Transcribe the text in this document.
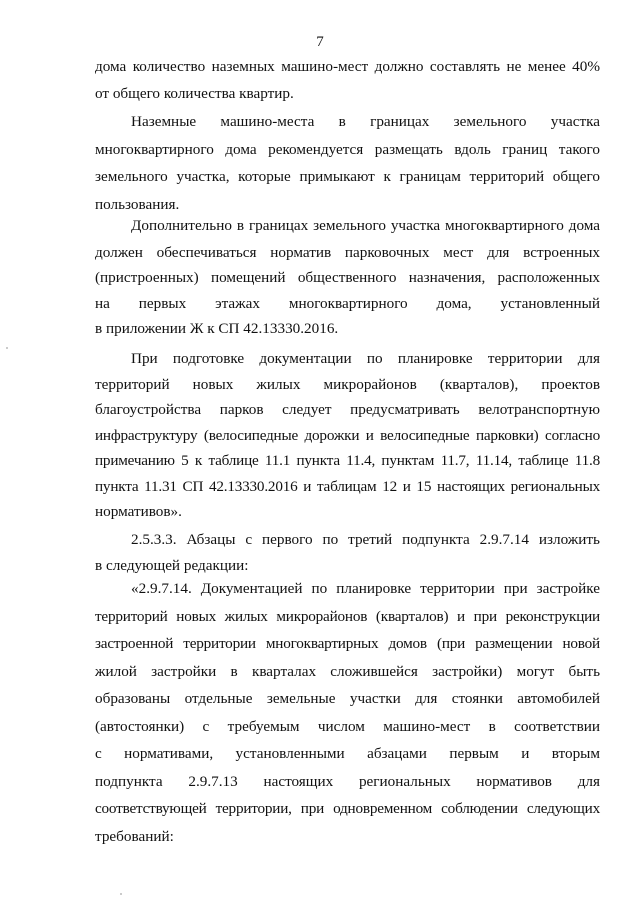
7
дома количество наземных машино-мест должно составлять не менее 40%
от общего количества квартир.
Наземные машино-места в границах земельного участка
многоквартирного дома рекомендуется размещать вдоль границ такого
земельного участка, которые примыкают к границам территорий общего
пользования.
Дополнительно в границах земельного участка многоквартирного дома
должен обеспечиваться норматив парковочных мест для встроенных
(пристроенных) помещений общественного назначения, расположенных
на первых этажах многоквартирного дома, установленный
в приложении Ж к СП 42.13330.2016.
При подготовке документации по планировке территории для
территорий новых жилых микрорайонов (кварталов), проектов
благоустройства парков следует предусматривать велотранспортную
инфраструктуру (велосипедные дорожки и велосипедные парковки) согласно
примечанию 5 к таблице 11.1 пункта 11.4, пунктам 11.7, 11.14, таблице 11.8
пункта 11.31 СП 42.13330.2016 и таблицам 12 и 15 настоящих региональных
нормативов».
2.5.3.3. Абзацы с первого по третий подпункта 2.9.7.14 изложить
в следующей редакции:
«2.9.7.14. Документацией по планировке территории при застройке
территорий новых жилых микрорайонов (кварталов) и при реконструкции
застроенной территории многоквартирных домов (при размещении новой
жилой застройки в кварталах сложившейся застройки) могут быть
образованы отдельные земельные участки для стоянки автомобилей
(автостоянки) с требуемым числом машино-мест в соответствии
с нормативами, установленными абзацами первым и вторым
подпункта 2.9.7.13 настоящих региональных нормативов для
соответствующей территории, при одновременном соблюдении следующих
требований:
